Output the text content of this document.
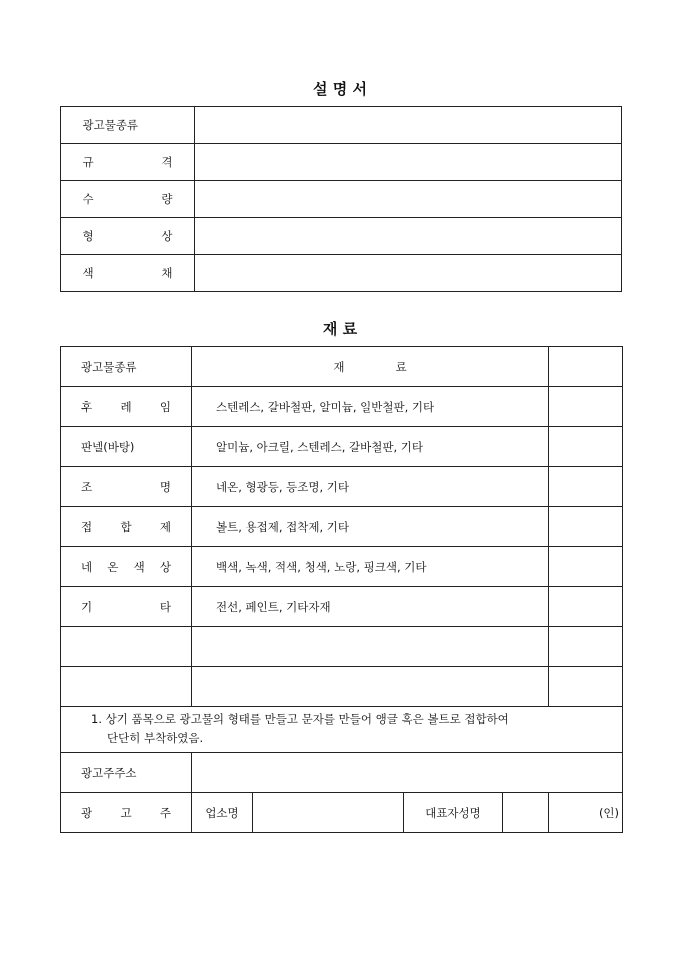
설 명 서
광고물종류	

규 격	

수 량	

형 상	

색 채	

재 료
광고물종류	재              료				

후 레 임	스텐레스, 갈바철판, 알미늄, 일반철판, 기타				

판넬(바탕)	알미늄, 아크릴, 스텐레스, 갈바철판, 기타				

조 명	네온, 형광등, 등조명, 기타				

접 합 제	볼트, 용접제, 접착제, 기타				

네 온 색 상	백색, 녹색, 적색, 청색, 노랑, 핑크색, 기타				

기 타	전선, 페인트, 기타자재				

1. 상기 품목으로 광고물의 형태를 만들고 문자를 만들어 앵글 혹은 볼트로 접합하여
단단히 부착하였음.					

광고주주소					

광 고 주	업소명		대표자성명		(인)
